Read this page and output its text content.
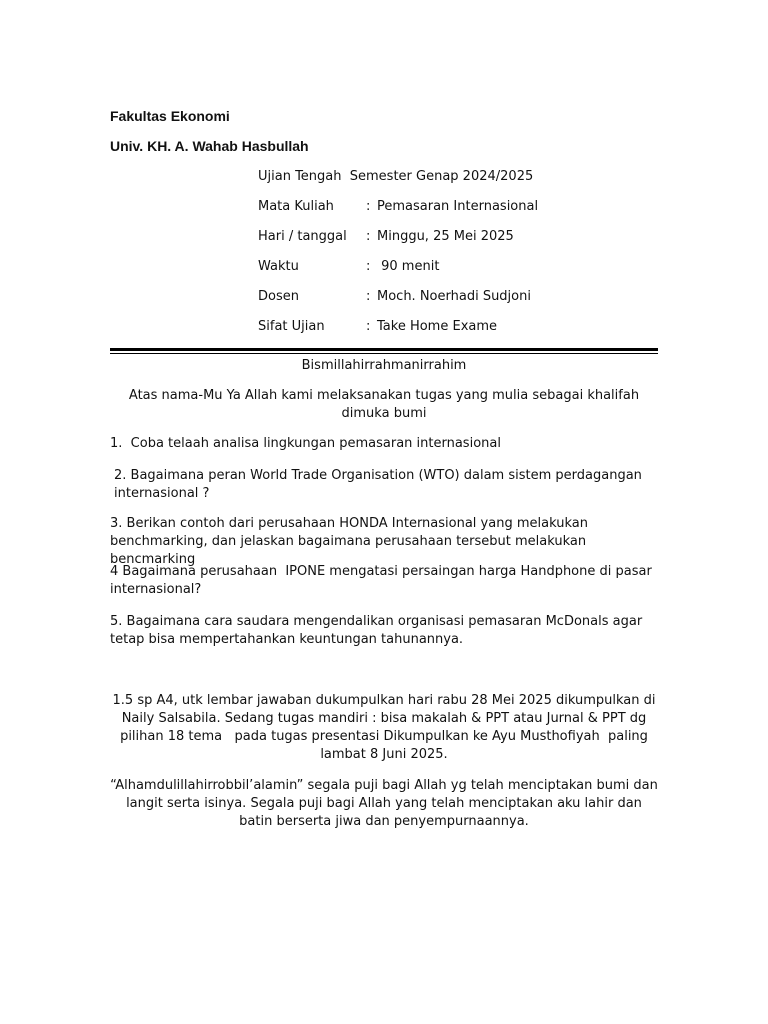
Fakultas Ekonomi
Univ. KH. A. Wahab Hasbullah
Ujian Tengah  Semester Genap 2024/2025
Mata Kuliah : Pemasaran Internasional
Hari / tanggal : Minggu, 25 Mei 2025
Waktu	: 90 menit
Dosen	: Moch. Noerhadi Sudjoni
Sifat Ujian	: Take Home Exame
Bismillahirrahmanirrahim
Atas nama-Mu Ya Allah kami melaksanakan tugas yang mulia sebagai khalifah dimuka bumi
1.  Coba telaah analisa lingkungan pemasaran internasional
2. Bagaimana peran World Trade Organisation (WTO) dalam sistem perdagangan internasional ?
3. Berikan contoh dari perusahaan HONDA Internasional yang melakukan benchmarking, dan jelaskan bagaimana perusahaan tersebut melakukan bencmarking
4 Bagaimana perusahaan  IPONE mengatasi persaingan harga Handphone di pasar internasional?
5. Bagaimana cara saudara mengendalikan organisasi pemasaran McDonals agar tetap bisa mempertahankan keuntungan tahunannya.
1.5 sp A4, utk lembar jawaban dukumpulkan hari rabu 28 Mei 2025 dikumpulkan di Naily Salsabila. Sedang tugas mandiri : bisa makalah & PPT atau Jurnal & PPT dg pilihan 18 tema   pada tugas presentasi Dikumpulkan ke Ayu Musthofiyah  paling lambat 8 Juni 2025.
“Alhamdulillahirrobbil’alamin” segala puji bagi Allah yg telah menciptakan bumi dan langit serta isinya. Segala puji bagi Allah yang telah menciptakan aku lahir dan batin berserta jiwa dan penyempurnaannya.
